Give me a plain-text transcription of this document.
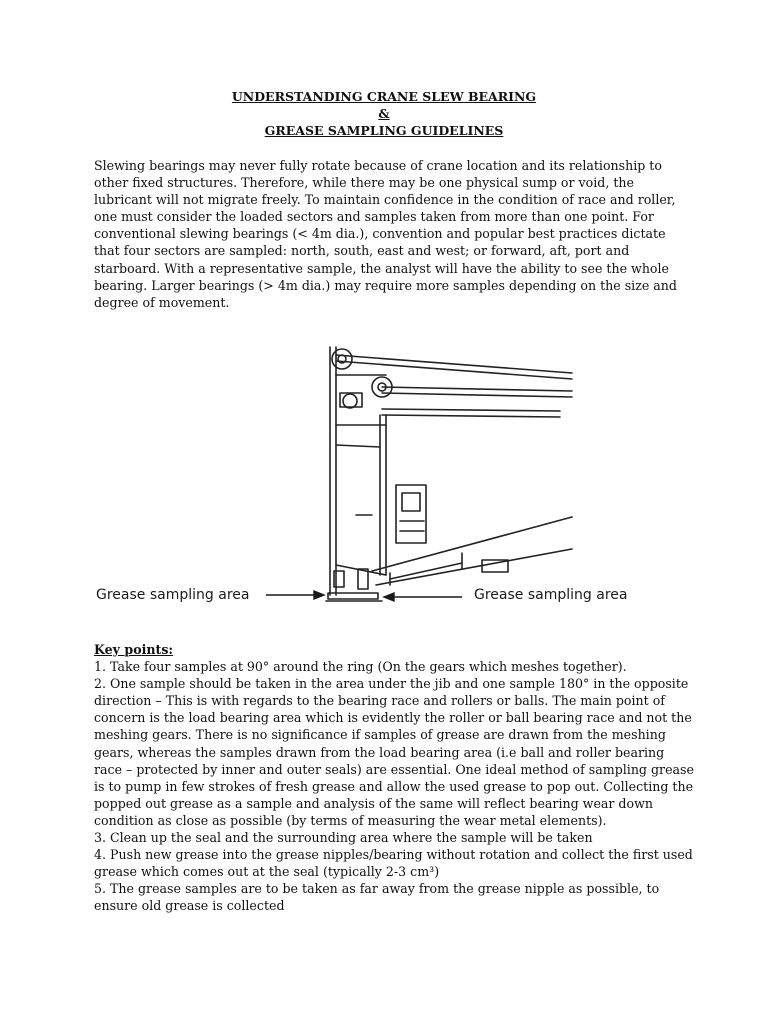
UNDERSTANDING CRANE SLEW BEARING
&
GREASE SAMPLING GUIDELINES

Slewing bearings may never fully rotate because of crane location and its relationship to other fixed structures. Therefore, while there may be one physical sump or void, the lubricant will not migrate freely. To maintain confidence in the condition of race and roller, one must consider the loaded sectors and samples taken from more than one point. For conventional slewing bearings (< 4m dia.), convention and popular best practices dictate that four sectors are sampled: north, south, east and west; or forward, aft, port and starboard. With a representative sample, the analyst will have the ability to see the whole bearing. Larger bearings (> 4m dia.) may require more samples depending on the size and degree of movement.

Grease sampling area	Grease sampling area
Key points:
1. Take four samples at 90° around the ring (On the gears which meshes together).
2. One sample should be taken in the area under the jib and one sample 180° in the opposite direction – This is with regards to the bearing race and rollers or balls. The main point of concern is the load bearing area which is evidently the roller or ball bearing race and not the meshing gears. There is no significance if samples of grease are drawn from the meshing gears, whereas the samples drawn from the load bearing area (i.e ball and roller bearing race – protected by inner and outer seals) are essential. One ideal method of sampling grease is to pump in few strokes of fresh grease and allow the used grease to pop out. Collecting the popped out grease as a sample and analysis of the same will reflect bearing wear down condition as close as possible (by terms of measuring the wear metal elements).
3. Clean up the seal and the surrounding area where the sample will be taken
4. Push new grease into the grease nipples/bearing without rotation and collect the first used grease which comes out at the seal (typically 2-3 cm³)
5. The grease samples are to be taken as far away from the grease nipple as possible, to ensure old grease is collected
